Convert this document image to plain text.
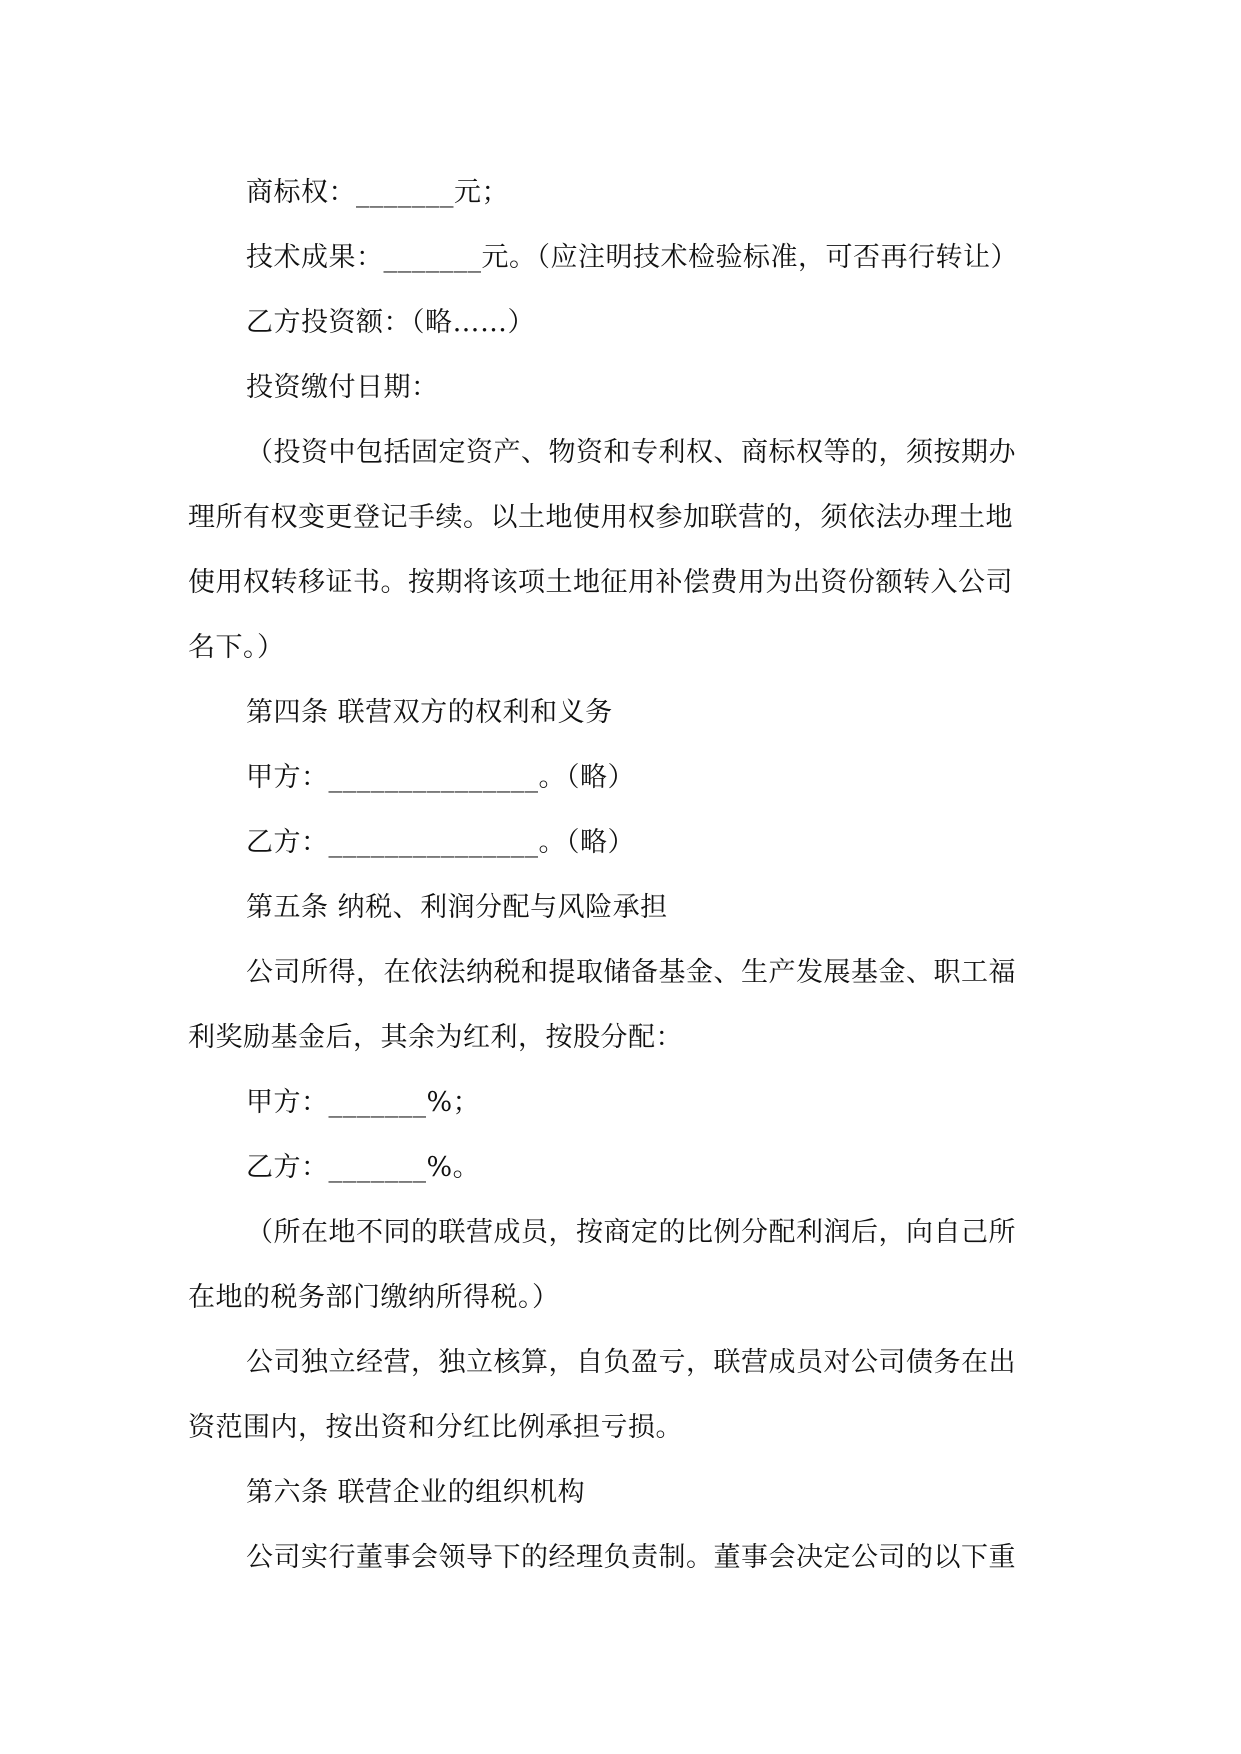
商标权：_______元；
技术成果：_______元。（应注明技术检验标准，可否再行转让）
乙方投资额：（略……）
投资缴付日期：
（投资中包括固定资产、物资和专利权、商标权等的，须按期办
理所有权变更登记手续。以土地使用权参加联营的，须依法办理土地
使用权转移证书。按期将该项土地征用补偿费用为出资份额转入公司
名下。）
第四条 联营双方的权利和义务
甲方：_______________。（略）
乙方：_______________。（略）
第五条 纳税、利润分配与风险承担
公司所得，在依法纳税和提取储备基金、生产发展基金、职工福
利奖励基金后，其余为红利，按股分配：
甲方：_______%；
乙方：_______%。
（所在地不同的联营成员，按商定的比例分配利润后，向自己所
在地的税务部门缴纳所得税。）
公司独立经营，独立核算，自负盈亏，联营成员对公司债务在出
资范围内，按出资和分红比例承担亏损。
第六条 联营企业的组织机构
公司实行董事会领导下的经理负责制。董事会决定公司的以下重
